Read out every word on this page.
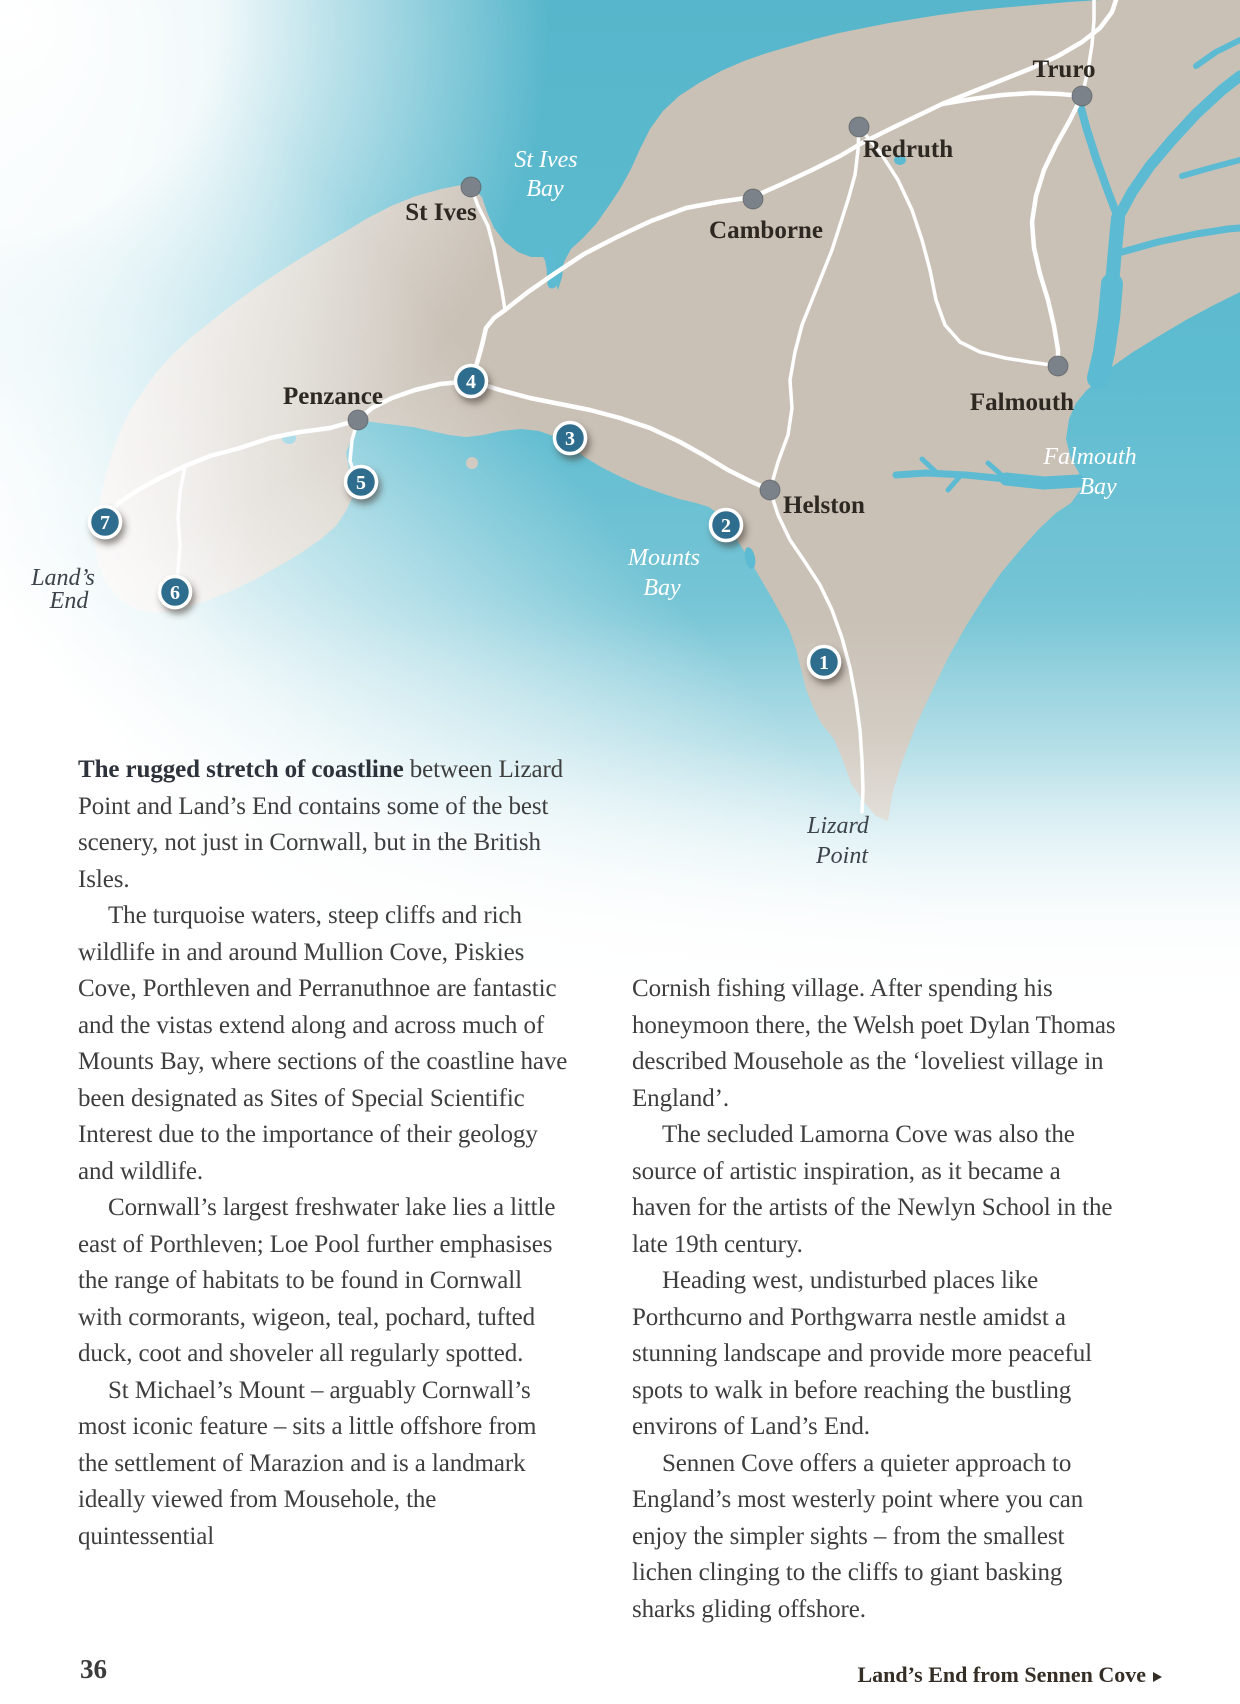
St Ives
Penzance
Camborne
Redruth
Truro
Helston
Falmouth
St Ives
Bay
Mounts
Bay
Falmouth
Bay
Land’s
End
Lizard
Point
1
2
3
4
5
6
7

The rugged stretch of coastline between Lizard Point and Land’s End contains some of the best scenery, not just in Cornwall, but in the British Isles.

The turquoise waters, steep cliffs and rich wildlife in and around Mullion Cove, Piskies Cove, Porthleven and Perranuthnoe are fantastic and the vistas extend along and across much of Mounts Bay, where sections of the coastline have been designated as Sites of Special Scientific Interest due to the importance of their geology and wildlife.

Cornwall’s largest freshwater lake lies a little east of Porthleven; Loe Pool further emphasises the range of habitats to be found in Cornwall with cormorants, wigeon, teal, pochard, tufted duck, coot and shoveler all regularly spotted.

St Michael’s Mount – arguably Cornwall’s most iconic feature – sits a little offshore from the settlement of Marazion and is a landmark ideally viewed from Mousehole, the quintessential

Cornish fishing village. After spending his honeymoon there, the Welsh poet Dylan Thomas described Mousehole as the ‘loveliest village in England’.

The secluded Lamorna Cove was also the source of artistic inspiration, as it became a haven for the artists of the Newlyn School in the late 19th century.

Heading west, undisturbed places like Porthcurno and Porthgwarra nestle amidst a stunning landscape and provide more peaceful spots to walk in before reaching the bustling environs of Land’s End.

Sennen Cove offers a quieter approach to England’s most westerly point where you can enjoy the simpler sights – from the smallest lichen clinging to the cliffs to giant basking sharks gliding offshore.

36	Land’s End from Sennen Cove
